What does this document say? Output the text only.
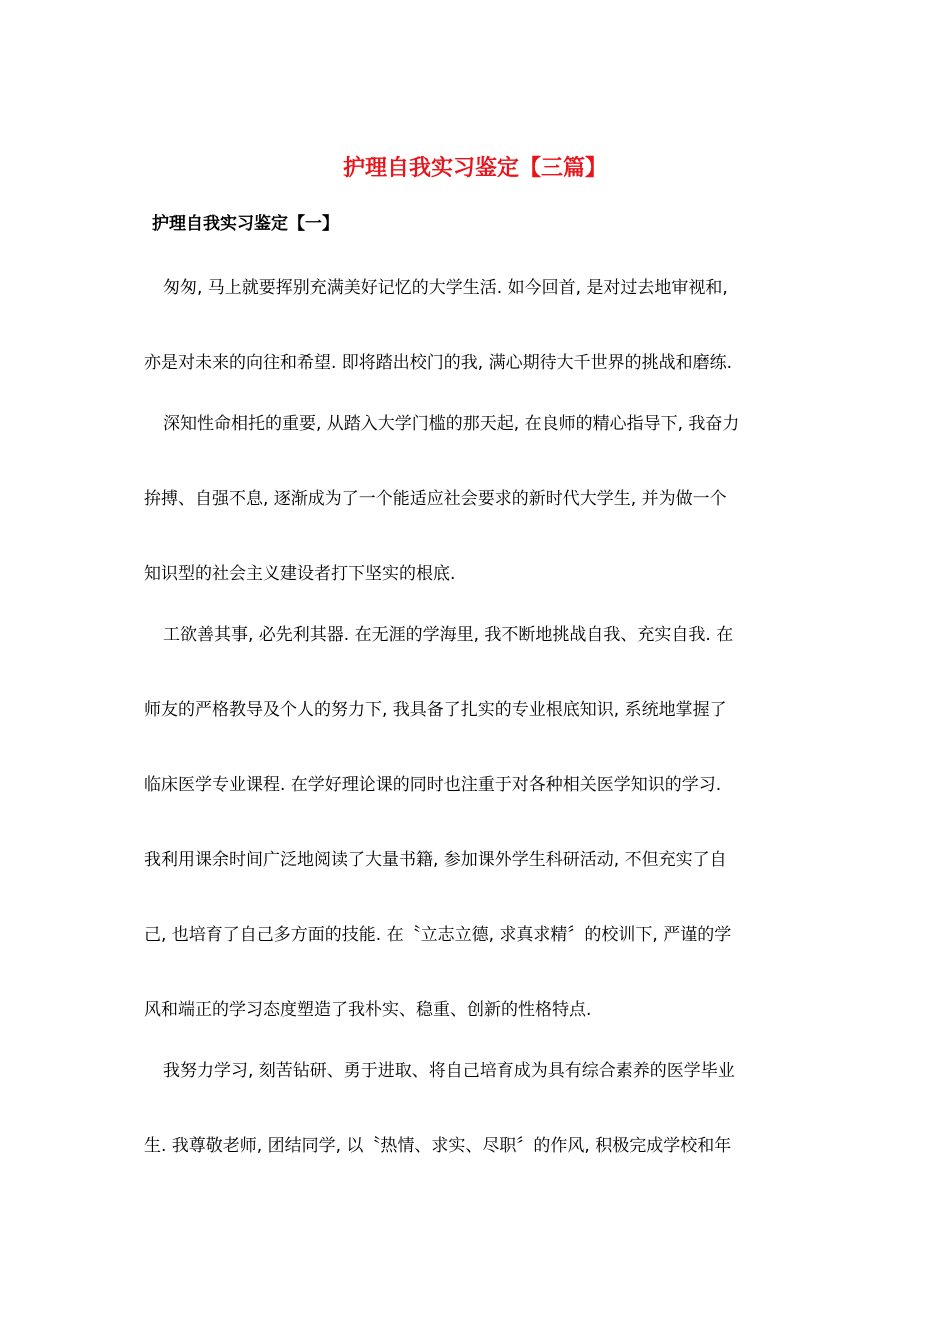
护理自我实习鉴定【三篇】
护理自我实习鉴定【一】

匆匆, 马上就要挥别充满美好记忆的大学生活. 如今回首, 是对过去地审视和,

亦是对未来的向往和希望. 即将踏出校门的我, 满心期待大千世界的挑战和磨练.

深知性命相托的重要, 从踏入大学门槛的那天起, 在良师的精心指导下, 我奋力

拚搏、自强不息, 逐渐成为了一个能适应社会要求的新时代大学生, 并为做一个

知识型的社会主义建设者打下坚实的根底.

工欲善其事, 必先利其器. 在无涯的学海里, 我不断地挑战自我、充实自我. 在

师友的严格教导及个人的努力下, 我具备了扎实的专业根底知识, 系统地掌握了

临床医学专业课程. 在学好理论课的同时也注重于对各种相关医学知识的学习.

我利用课余时间广泛地阅读了大量书籍, 参加课外学生科研活动, 不但充实了自

己, 也培育了自己多方面的技能. 在〝立志立德, 求真求精〞的校训下, 严谨的学

风和端正的学习态度塑造了我朴实、稳重、创新的性格特点.

我努力学习, 刻苦钻研、勇于进取、将自己培育成为具有综合素养的医学毕业

生. 我尊敬老师, 团结同学, 以〝热情、求实、尽职〞的作风, 积极完成学校和年
